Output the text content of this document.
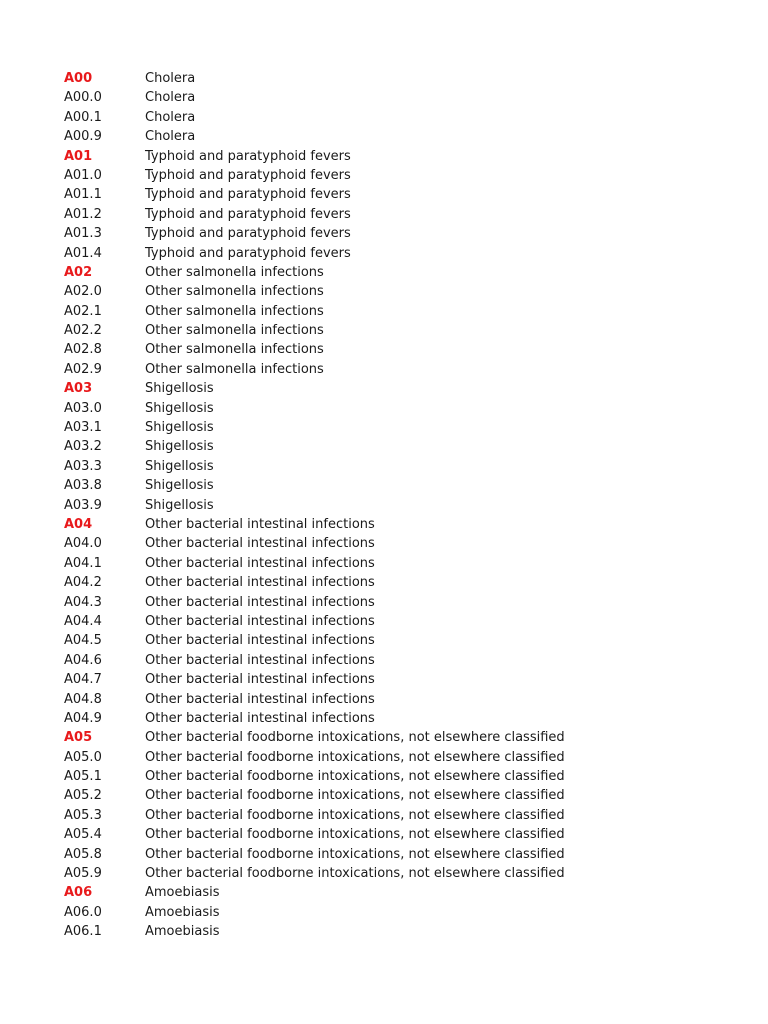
A00	Cholera
A00.0	Cholera
A00.1	Cholera
A00.9	Cholera
A01	Typhoid and paratyphoid fevers
A01.0	Typhoid and paratyphoid fevers
A01.1	Typhoid and paratyphoid fevers
A01.2	Typhoid and paratyphoid fevers
A01.3	Typhoid and paratyphoid fevers
A01.4	Typhoid and paratyphoid fevers
A02	Other salmonella infections
A02.0	Other salmonella infections
A02.1	Other salmonella infections
A02.2	Other salmonella infections
A02.8	Other salmonella infections
A02.9	Other salmonella infections
A03	Shigellosis
A03.0	Shigellosis
A03.1	Shigellosis
A03.2	Shigellosis
A03.3	Shigellosis
A03.8	Shigellosis
A03.9	Shigellosis
A04	Other bacterial intestinal infections
A04.0	Other bacterial intestinal infections
A04.1	Other bacterial intestinal infections
A04.2	Other bacterial intestinal infections
A04.3	Other bacterial intestinal infections
A04.4	Other bacterial intestinal infections
A04.5	Other bacterial intestinal infections
A04.6	Other bacterial intestinal infections
A04.7	Other bacterial intestinal infections
A04.8	Other bacterial intestinal infections
A04.9	Other bacterial intestinal infections
A05	Other bacterial foodborne intoxications, not elsewhere classified
A05.0	Other bacterial foodborne intoxications, not elsewhere classified
A05.1	Other bacterial foodborne intoxications, not elsewhere classified
A05.2	Other bacterial foodborne intoxications, not elsewhere classified
A05.3	Other bacterial foodborne intoxications, not elsewhere classified
A05.4	Other bacterial foodborne intoxications, not elsewhere classified
A05.8	Other bacterial foodborne intoxications, not elsewhere classified
A05.9	Other bacterial foodborne intoxications, not elsewhere classified
A06	Amoebiasis
A06.0	Amoebiasis
A06.1	Amoebiasis
